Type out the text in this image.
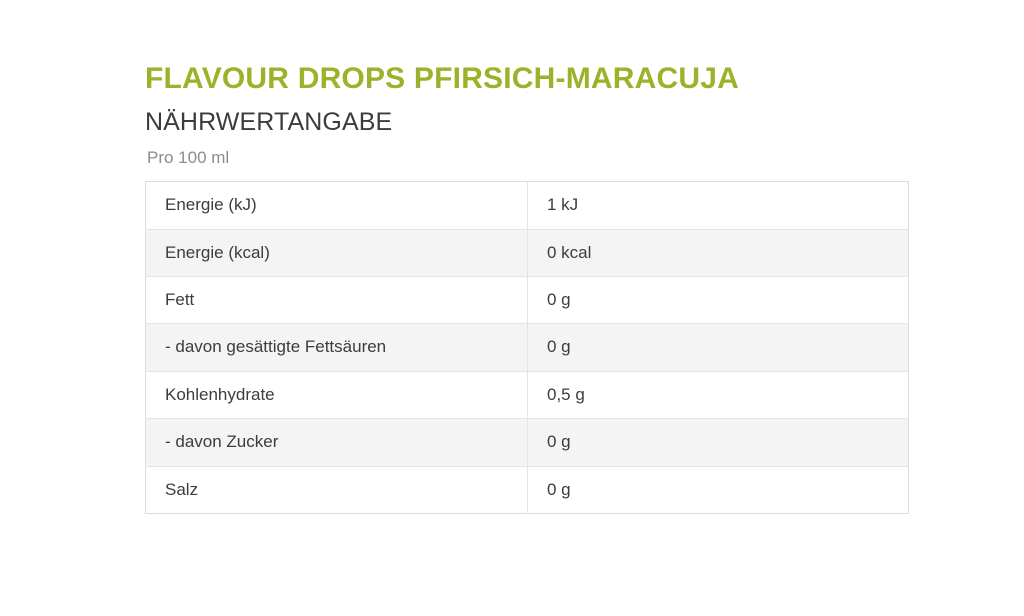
FLAVOUR DROPS PFIRSICH-MARACUJA
NÄHRWERTANGABE
Pro 100 ml
Energie (kJ)	1 kJ
Energie (kcal)	0 kcal
Fett	0 g
- davon gesättigte Fettsäuren	0 g
Kohlenhydrate	0,5 g
- davon Zucker	0 g
Salz	0 g
